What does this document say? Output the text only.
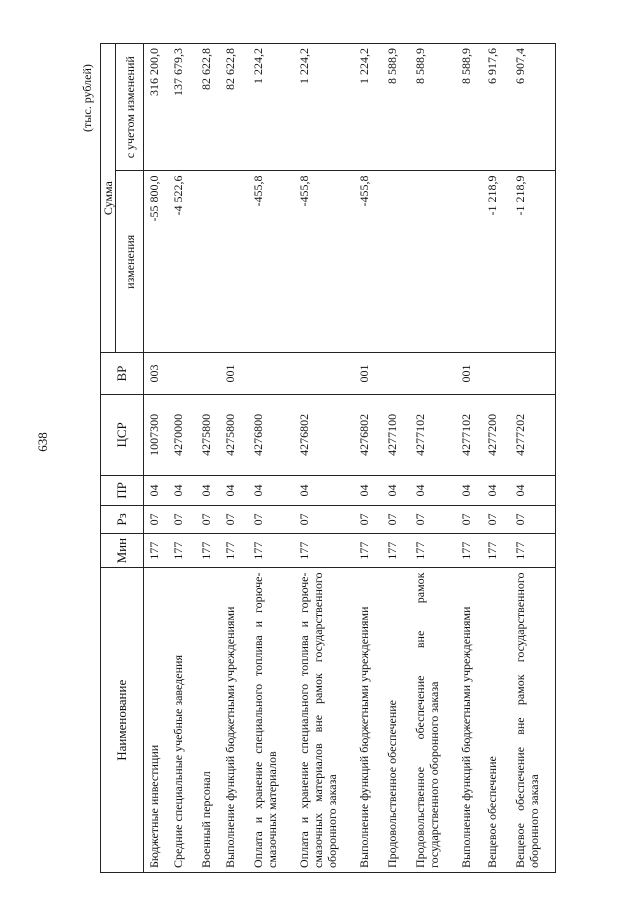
638
(тыс. рублей)
Наименование	Мин	Рз	ПР	ЦСР	ВР	Сумма	
						изменения	с учетом изменений
Бюджетные инвестиции	177	07	04	1007300	003	-55 800,0	316 200,0
Средние специальные учебные заведения	177	07	04	4270000		-4 522,6	137 679,3
Военный персонал	177	07	04	4275800			82 622,8
Выполнение функций бюджетными учреждениями	177	07	04	4275800	001		82 622,8
Оплата и хранение специального топлива и горюче-смазочных материалов	177	07	04	4276800		-455,8	1 224,2
Оплата и хранение специального топлива и горюче-смазочных материалов вне рамок государственного оборонного заказа	177	07	04	4276802		-455,8	1 224,2
Выполнение функций бюджетными учреждениями	177	07	04	4276802	001	-455,8	1 224,2
Продовольственное обеспечение	177	07	04	4277100			8 588,9
Продовольственное обеспечение вне рамок государственного оборонного заказа	177	07	04	4277102			8 588,9
Выполнение функций бюджетными учреждениями	177	07	04	4277102	001		8 588,9
Вещевое обеспечение	177	07	04	4277200		-1 218,9	6 917,6
Вещевое обеспечение вне рамок государственного оборонного заказа	177	07	04	4277202		-1 218,9	6 907,4
